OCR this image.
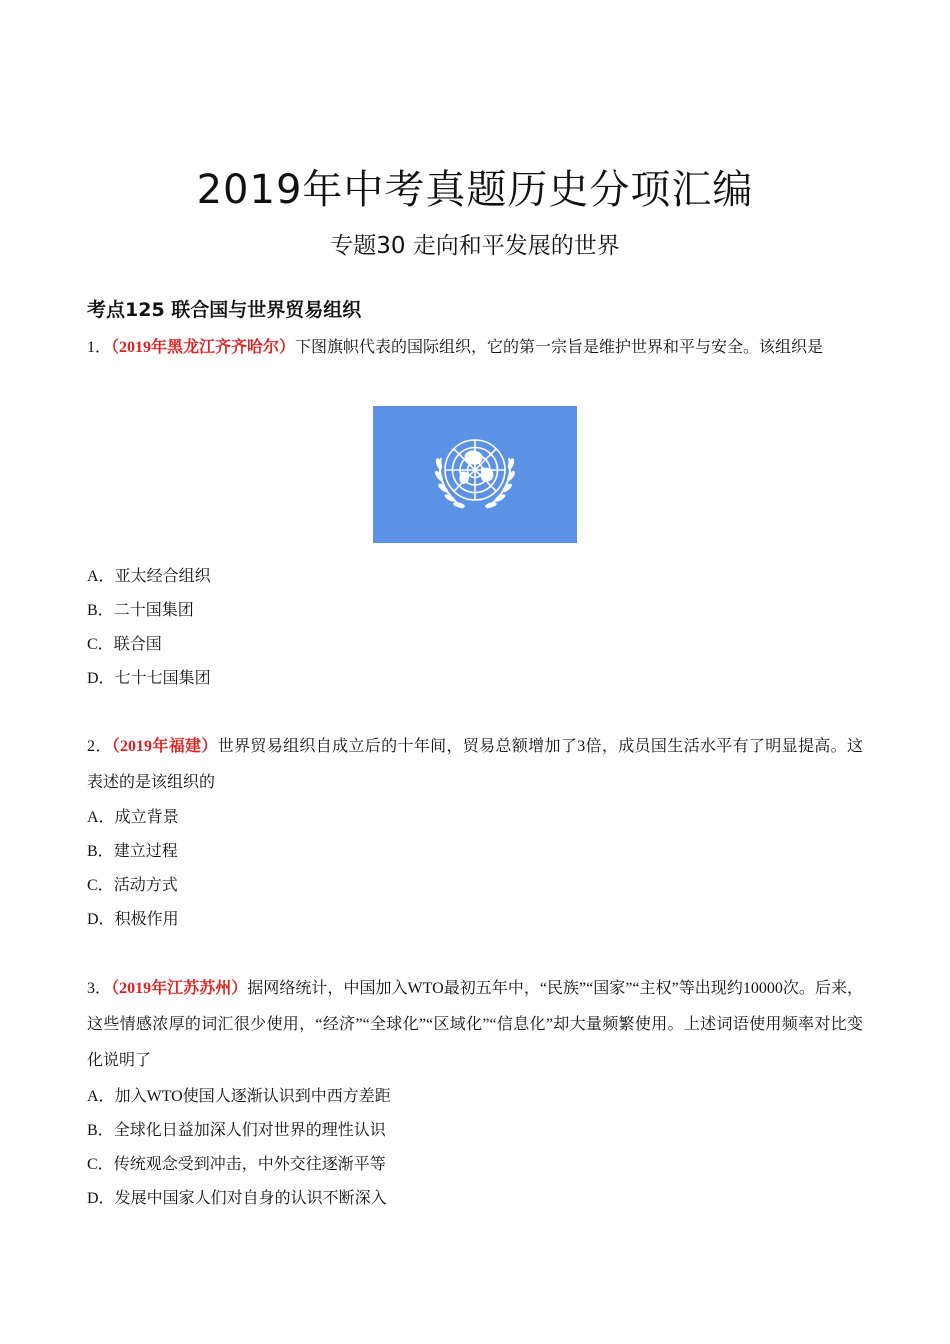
2019年中考真题历史分项汇编
专题30 走向和平发展的世界
考点125 联合国与世界贸易组织
1．（2019年黑龙江齐齐哈尔）下图旗帜代表的国际组织，它的第一宗旨是维护世界和平与安全。该组织是
A．亚太经合组织
B．二十国集团
C．联合国
D．七十七国集团
2．（2019年福建）世界贸易组织自成立后的十年间，贸易总额增加了3倍，成员国生活水平有了明显提高。这表述的是该组织的
A．成立背景
B．建立过程
C．活动方式
D．积极作用
3．（2019年江苏苏州）据网络统计，中国加入WTO最初五年中，“民族”“国家”“主权”等出现约10000次。后来，这些情感浓厚的词汇很少使用，“经济”“全球化”“区域化”“信息化”却大量频繁使用。上述词语使用频率对比变化说明了
A．加入WTO使国人逐渐认识到中西方差距
B．全球化日益加深人们对世界的理性认识
C．传统观念受到冲击，中外交往逐渐平等
D．发展中国家人们对自身的认识不断深入
